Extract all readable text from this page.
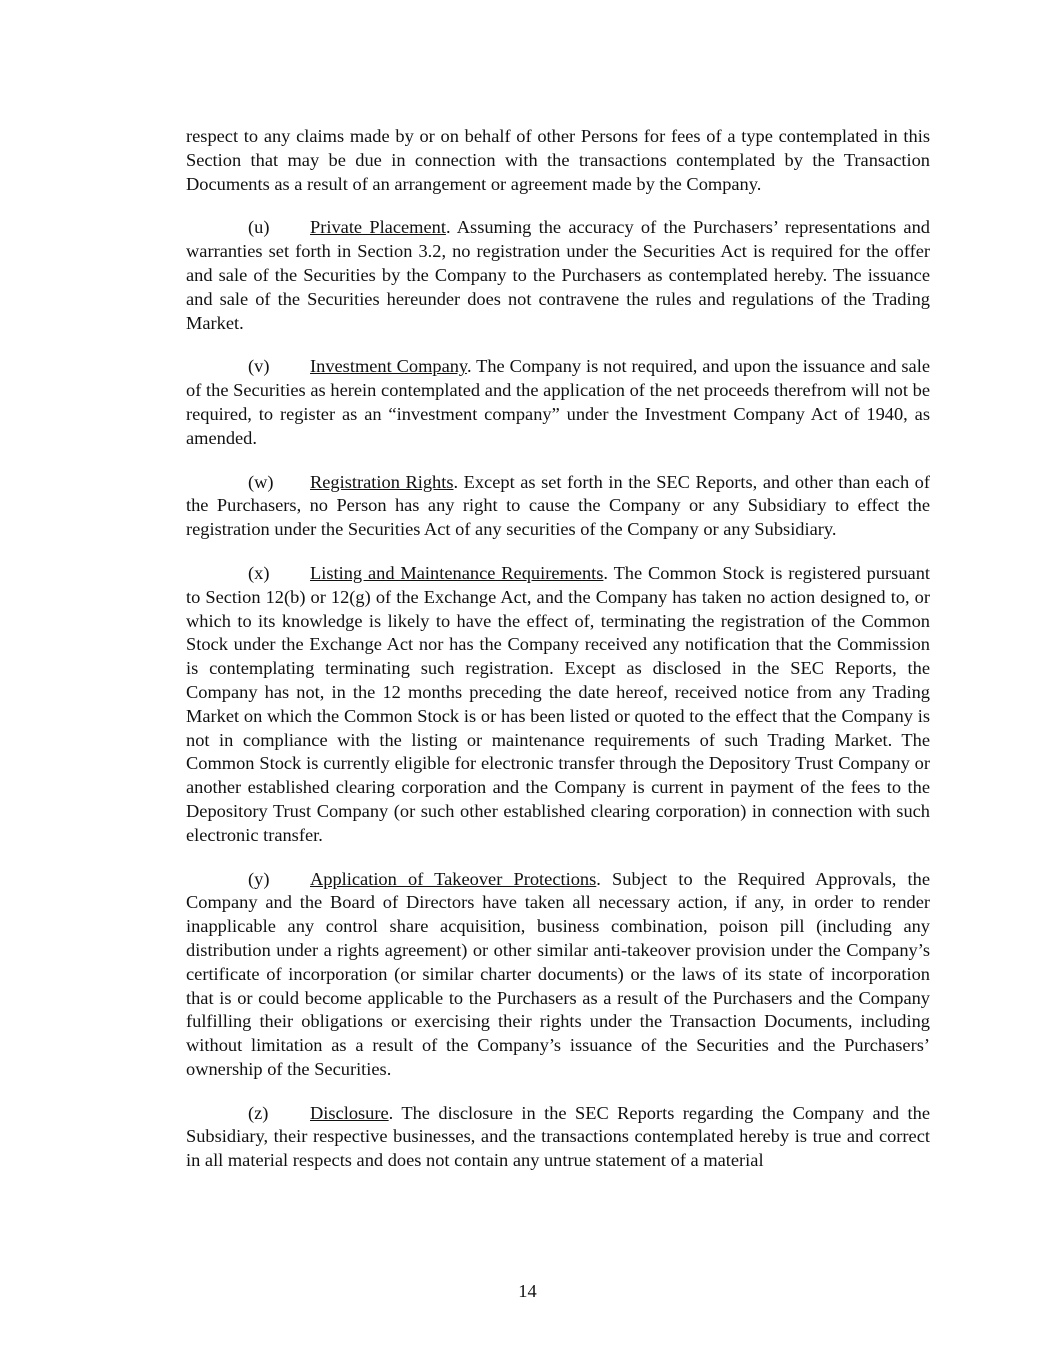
respect to any claims made by or on behalf of other Persons for fees of a type contemplated in this Section that may be due in connection with the transactions contemplated by the Transaction Documents as a result of an arrangement or agreement made by the Company.

(u) Private Placement. Assuming the accuracy of the Purchasers’ representations and warranties set forth in Section 3.2, no registration under the Securities Act is required for the offer and sale of the Securities by the Company to the Purchasers as contemplated hereby. The issuance and sale of the Securities hereunder does not contravene the rules and regulations of the Trading Market.

(v) Investment Company. The Company is not required, and upon the issuance and sale of the Securities as herein contemplated and the application of the net proceeds therefrom will not be required, to register as an “investment company” under the Investment Company Act of 1940, as amended.

(w) Registration Rights. Except as set forth in the SEC Reports, and other than each of the Purchasers, no Person has any right to cause the Company or any Subsidiary to effect the registration under the Securities Act of any securities of the Company or any Subsidiary.

(x) Listing and Maintenance Requirements. The Common Stock is registered pursuant to Section 12(b) or 12(g) of the Exchange Act, and the Company has taken no action designed to, or which to its knowledge is likely to have the effect of, terminating the registration of the Common Stock under the Exchange Act nor has the Company received any notification that the Commission is contemplating terminating such registration. Except as disclosed in the SEC Reports, the Company has not, in the 12 months preceding the date hereof, received notice from any Trading Market on which the Common Stock is or has been listed or quoted to the effect that the Company is not in compliance with the listing or maintenance requirements of such Trading Market. The Common Stock is currently eligible for electronic transfer through the Depository Trust Company or another established clearing corporation and the Company is current in payment of the fees to the Depository Trust Company (or such other established clearing corporation) in connection with such electronic transfer.

(y) Application of Takeover Protections. Subject to the Required Approvals, the Company and the Board of Directors have taken all necessary action, if any, in order to render inapplicable any control share acquisition, business combination, poison pill (including any distribution under a rights agreement) or other similar anti-takeover provision under the Company’s certificate of incorporation (or similar charter documents) or the laws of its state of incorporation that is or could become applicable to the Purchasers as a result of the Purchasers and the Company fulfilling their obligations or exercising their rights under the Transaction Documents, including without limitation as a result of the Company’s issuance of the Securities and the Purchasers’ ownership of the Securities.

(z) Disclosure. The disclosure in the SEC Reports regarding the Company and the Subsidiary, their respective businesses, and the transactions contemplated hereby is true and correct in all material respects and does not contain any untrue statement of a material

14
